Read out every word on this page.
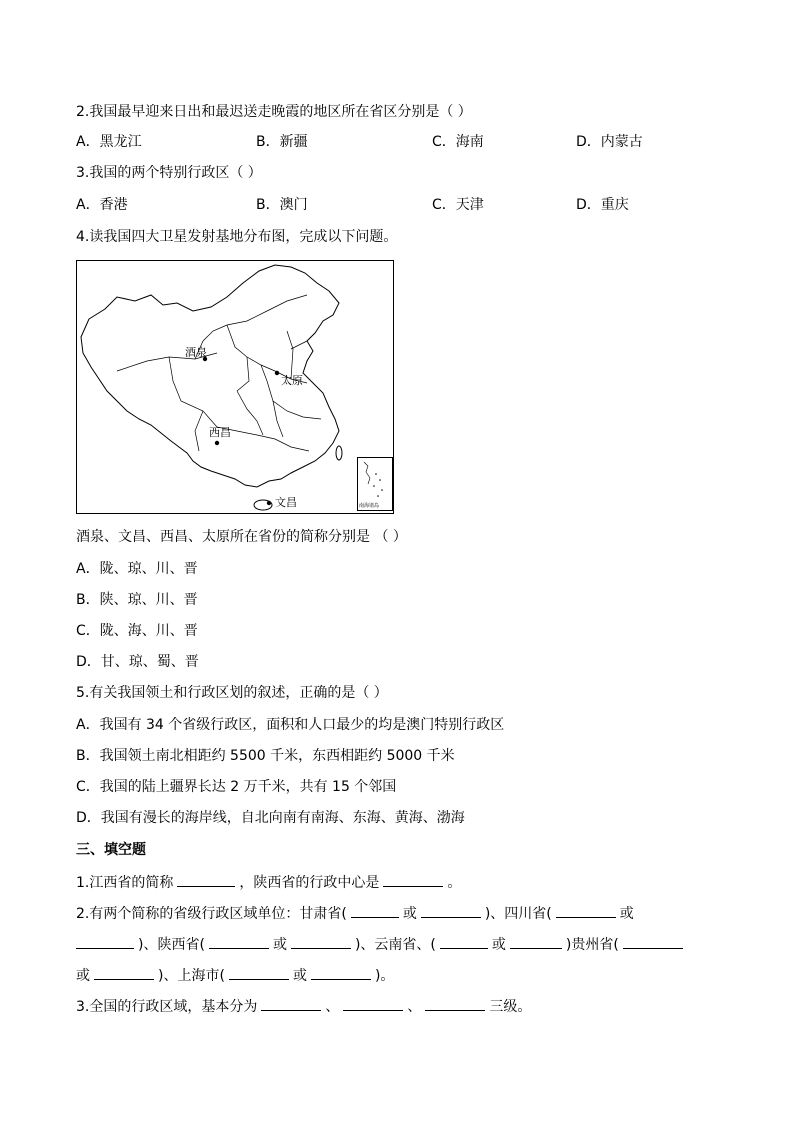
2.我国最早迎来日出和最迟送走晚霞的地区所在省区分别是（ ）
A．黑龙江	B．新疆	C．海南	D．内蒙古
3.我国的两个特别行政区（ ）
A．香港	B．澳门	C．天津	D．重庆
4.读我国四大卫星发射基地分布图，完成以下问题。
酒泉
太原
西昌
文昌	南海诸岛
酒泉、文昌、西昌、太原所在省份的简称分别是 （ ）
A．陇、琼、川、晋
B．陕、琼、川、晋
C．陇、海、川、晋
D．甘、琼、蜀、晋
5.有关我国领土和行政区划的叙述，正确的是（ ）
A．我国有 34 个省级行政区，面积和人口最少的均是澳门特别行政区
B．我国领土南北相距约 5500 千米，东西相距约 5000 千米
C．我国的陆上疆界长达 2 万千米，共有 15 个邻国
D．我国有漫长的海岸线，自北向南有南海、东海、黄海、渤海
三、填空题
1.江西省的简称	，陕西省的行政中心是	。
2.有两个简称的省级行政区域单位：甘肃省(	或	)、四川省(	或
)、陕西省(	或	)、云南省、(	或	)贵州省(
或	)、上海市(	或	)。
3.全国的行政区域，基本分为	、	、	三级。
